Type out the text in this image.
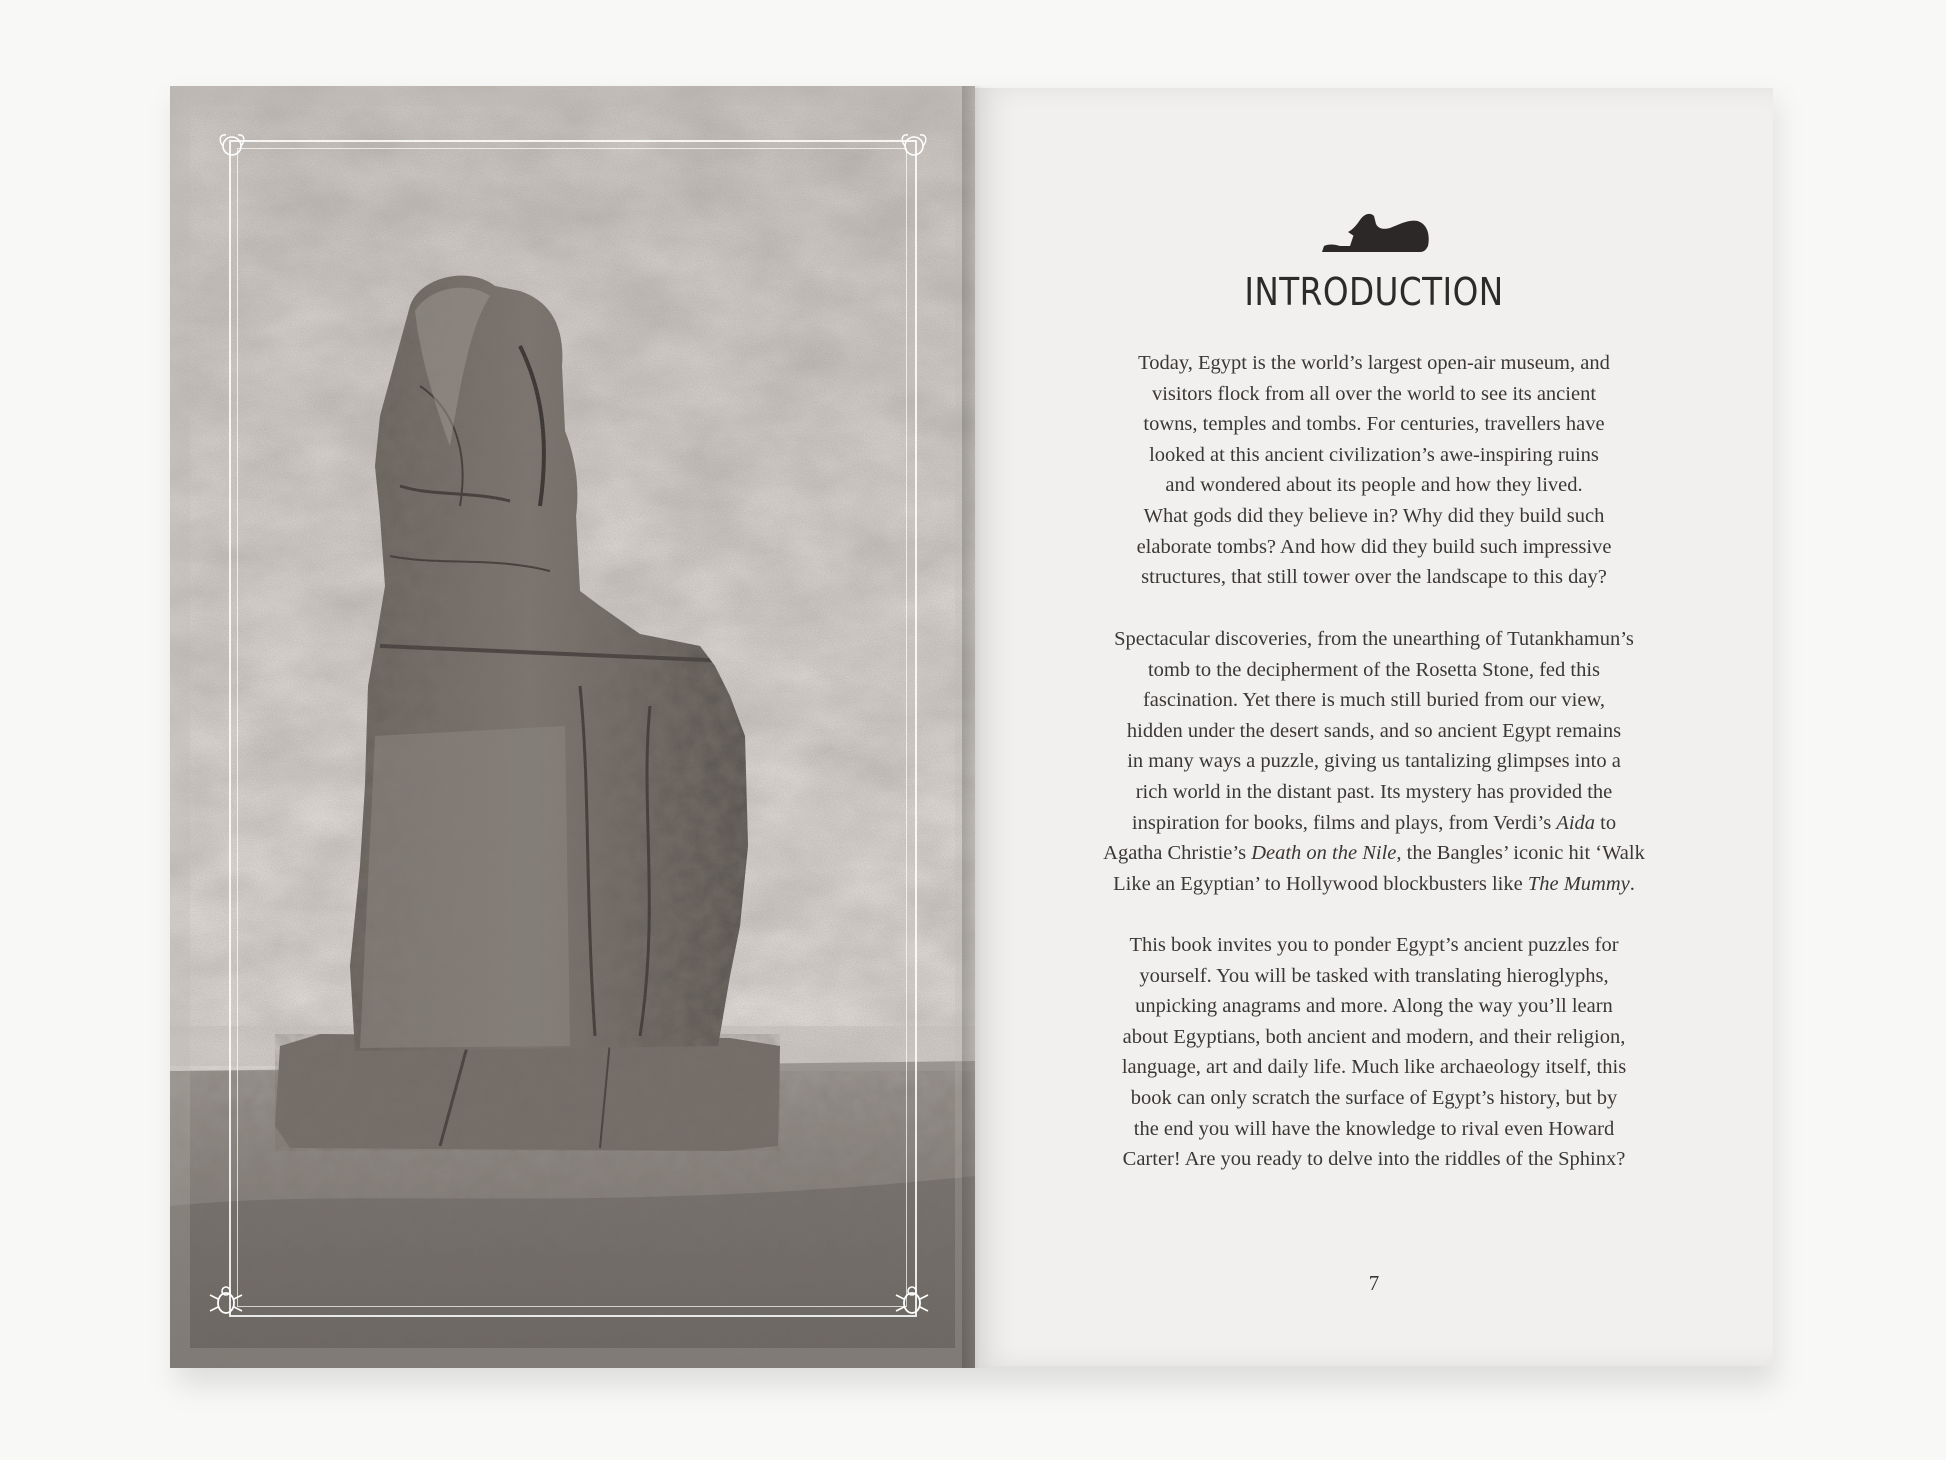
INTRODUCTION
Today, Egypt is the world’s largest open-air museum, and
visitors flock from all over the world to see its ancient
towns, temples and tombs. For centuries, travellers have
looked at this ancient civilization’s awe-inspiring ruins
and wondered about its people and how they lived.
What gods did they believe in? Why did they build such
elaborate tombs? And how did they build such impressive
structures, that still tower over the landscape to this day?
Spectacular discoveries, from the unearthing of Tutankhamun’s
tomb to the decipherment of the Rosetta Stone, fed this
fascination. Yet there is much still buried from our view,
hidden under the desert sands, and so ancient Egypt remains
in many ways a puzzle, giving us tantalizing glimpses into a
rich world in the distant past. Its mystery has provided the
inspiration for books, films and plays, from Verdi’s Aida to
Agatha Christie’s Death on the Nile, the Bangles’ iconic hit ‘Walk
Like an Egyptian’ to Hollywood blockbusters like The Mummy.
This book invites you to ponder Egypt’s ancient puzzles for
yourself. You will be tasked with translating hieroglyphs,
unpicking anagrams and more. Along the way you’ll learn
about Egyptians, both ancient and modern, and their religion,
language, art and daily life. Much like archaeology itself, this
book can only scratch the surface of Egypt’s history, but by
the end you will have the knowledge to rival even Howard
Carter! Are you ready to delve into the riddles of the Sphinx?
7
